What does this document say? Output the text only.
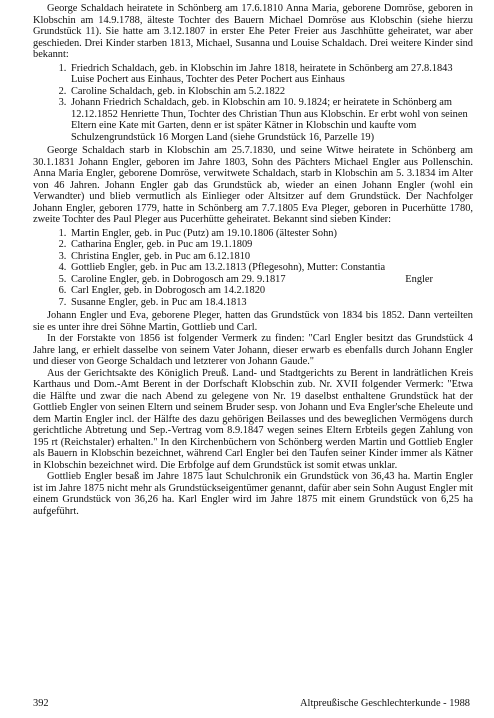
George Schaldach heiratete in Schönberg am 17.6.1810 Anna Maria, geborene Domröse, geboren in Klobschin am 14.9.1788, älteste Tochter des Bauern Michael Domröse aus Klobschin (siehe hierzu Grundstück 11). Sie hatte am 3.12.1807 in erster Ehe Peter Freier aus Jaschhütte geheiratet, war aber geschieden. Drei Kinder starben 1813, Michael, Susanna und Louise Schaldach. Drei weitere Kinder sind bekannt:

1. Friedrich Schaldach, geb. in Klobschin im Jahre 1818, heiratete in Schönberg am 27.8.1843 Luise Pochert aus Einhaus, Tochter des Peter Pochert aus Einhaus
2. Caroline Schaldach, geb. in Klobschin am 5.2.1822
3. Johann Friedrich Schaldach, geb. in Klobschin am 10. 9.1824; er heiratete in Schönberg am 12.12.1852 Henriette Thun, Tochter des Christian Thun aus Klobschin. Er erbt wohl von seinen Eltern eine Kate mit Garten, denn er ist später Kätner in Klobschin und kaufte vom Schulzengrundstück 16 Morgen Land (siehe Grundstück 16, Parzelle 19)

George Schaldach starb in Klobschin am 25.7.1830, und seine Witwe heiratete in Schönberg am 30.1.1831 Johann Engler, geboren im Jahre 1803, Sohn des Pächters Michael Engler aus Pollenschin. Anna Maria Engler, geborene Domröse, verwitwete Schaldach, starb in Klobschin am 5. 3.1834 im Alter von 46 Jahren. Johann Engler gab das Grundstück ab, wieder an einen Johann Engler (wohl ein Verwandter) und blieb vermutlich als Einlieger oder Altsitzer auf dem Grundstück. Der Nachfolger Johann Engler, geboren 1779, hatte in Schönberg am 7.7.1805 Eva Pleger, geboren in Pucerhütte 1780, zweite Tochter des Paul Pleger aus Pucerhütte geheiratet. Bekannt sind sieben Kinder:

1. Martin Engler, geb. in Puc (Putz) am 19.10.1806 (ältester Sohn)
2. Catharina Engler, geb. in Puc am 19.1.1809
3. Christina Engler, geb. in Puc am 6.12.1810
4. Gottlieb Engler, geb. in Puc am 13.2.1813 (Pflegesohn), Mutter: Constantia
5. Engler
Caroline Engler, geb. in Dobrogosch am 29. 9.1817
6. Carl Engler, geb. in Dobrogosch am 14.2.1820
7. Susanne Engler, geb. in Puc am 18.4.1813

Johann Engler und Eva, geborene Pleger, hatten das Grundstück von 1834 bis 1852. Dann verteilten sie es unter ihre drei Söhne Martin, Gottlieb und Carl.

In der Forstakte von 1856 ist folgender Vermerk zu finden: "Carl Engler besitzt das Grundstück 4 Jahre lang, er erhielt dasselbe von seinem Vater Johann, dieser erwarb es ebenfalls durch Johann Engler und dieser von George Schaldach und letzterer von Johann Gaude."

Aus der Gerichtsakte des Königlich Preuß. Land- und Stadtgerichts zu Berent in landrätlichen Kreis Karthaus und Dom.-Amt Berent in der Dorfschaft Klobschin zub. Nr. XVII folgender Vermerk: "Etwa die Hälfte und zwar die nach Abend zu gelegene von Nr. 19 daselbst enthaltene Grundstück hat der Gottlieb Engler von seinen Eltern und seinem Bruder sesp. von Johann und Eva Engler'sche Eheleute und dem Martin Engler incl. der Hälfte des dazu gehörigen Beilasses und des beweglichen Vermögens durch gerichtliche Abtretung und Sep.-Vertrag vom 8.9.1847 wegen seines Eltern Erbteils gegen Zahlung von 195 rt (Reichstaler) erhalten." In den Kirchenbüchern von Schönberg werden Martin und Gottlieb Engler als Bauern in Klobschin bezeichnet, während Carl Engler bei den Taufen seiner Kinder immer als Kätner in Klobschin bezeichnet wird. Die Erbfolge auf dem Grundstück ist somit etwas unklar.

Gottlieb Engler besaß im Jahre 1875 laut Schulchronik ein Grundstück von 36,43 ha. Martin Engler ist im Jahre 1875 nicht mehr als Grundstückseigentümer genannt, dafür aber sein Sohn August Engler mit einem Grundstück von 36,26 ha. Karl Engler wird im Jahre 1875 mit einem Grundstück von 6,25 ha aufgeführt.

392	Altpreußische Geschlechterkunde - 1988
